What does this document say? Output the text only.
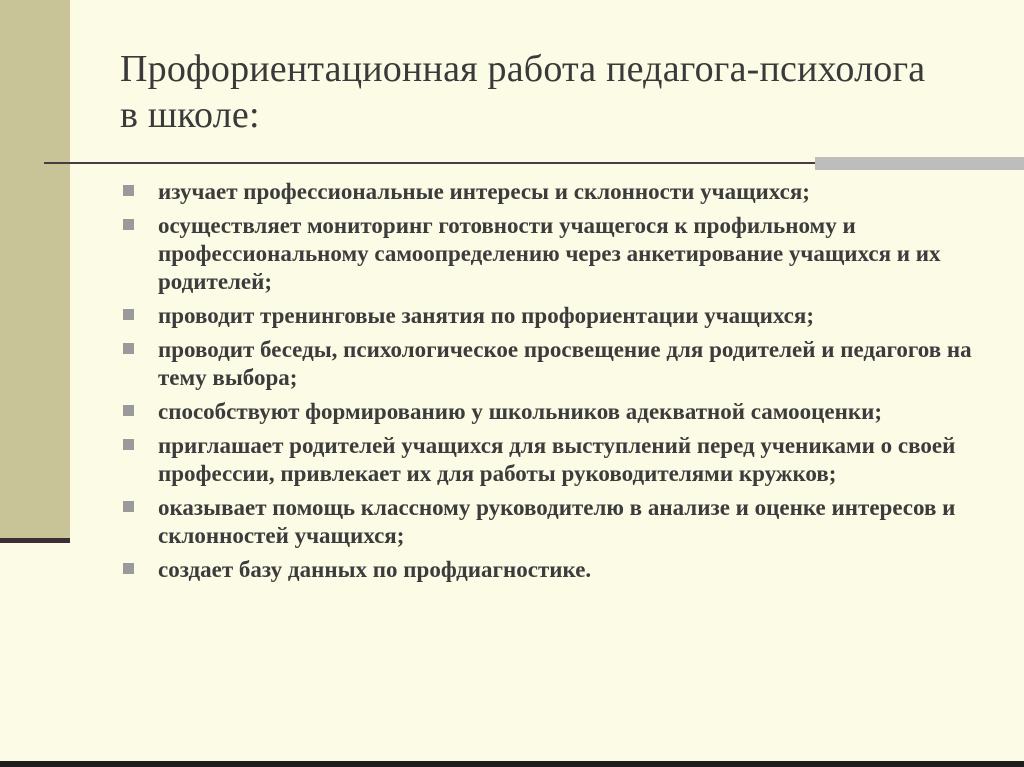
Профориентационная работа педагога-психолога в школе:
изучает профессиональные интересы и склонности учащихся;
осуществляет мониторинг готовности учащегося к профильному и профессиональному самоопределению через анкетирование учащихся и их родителей;
проводит тренинговые занятия по профориентации учащихся;
проводит беседы, психологическое просвещение для родителей и педагогов на тему выбора;
способствуют формированию у школьников адекватной самооценки;
приглашает родителей учащихся для выступлений перед учениками о своей профессии, привлекает их для работы руководителями кружков;
оказывает помощь классному руководителю в анализе и оценке интересов и склонностей учащихся;
создает базу данных по профдиагностике.
